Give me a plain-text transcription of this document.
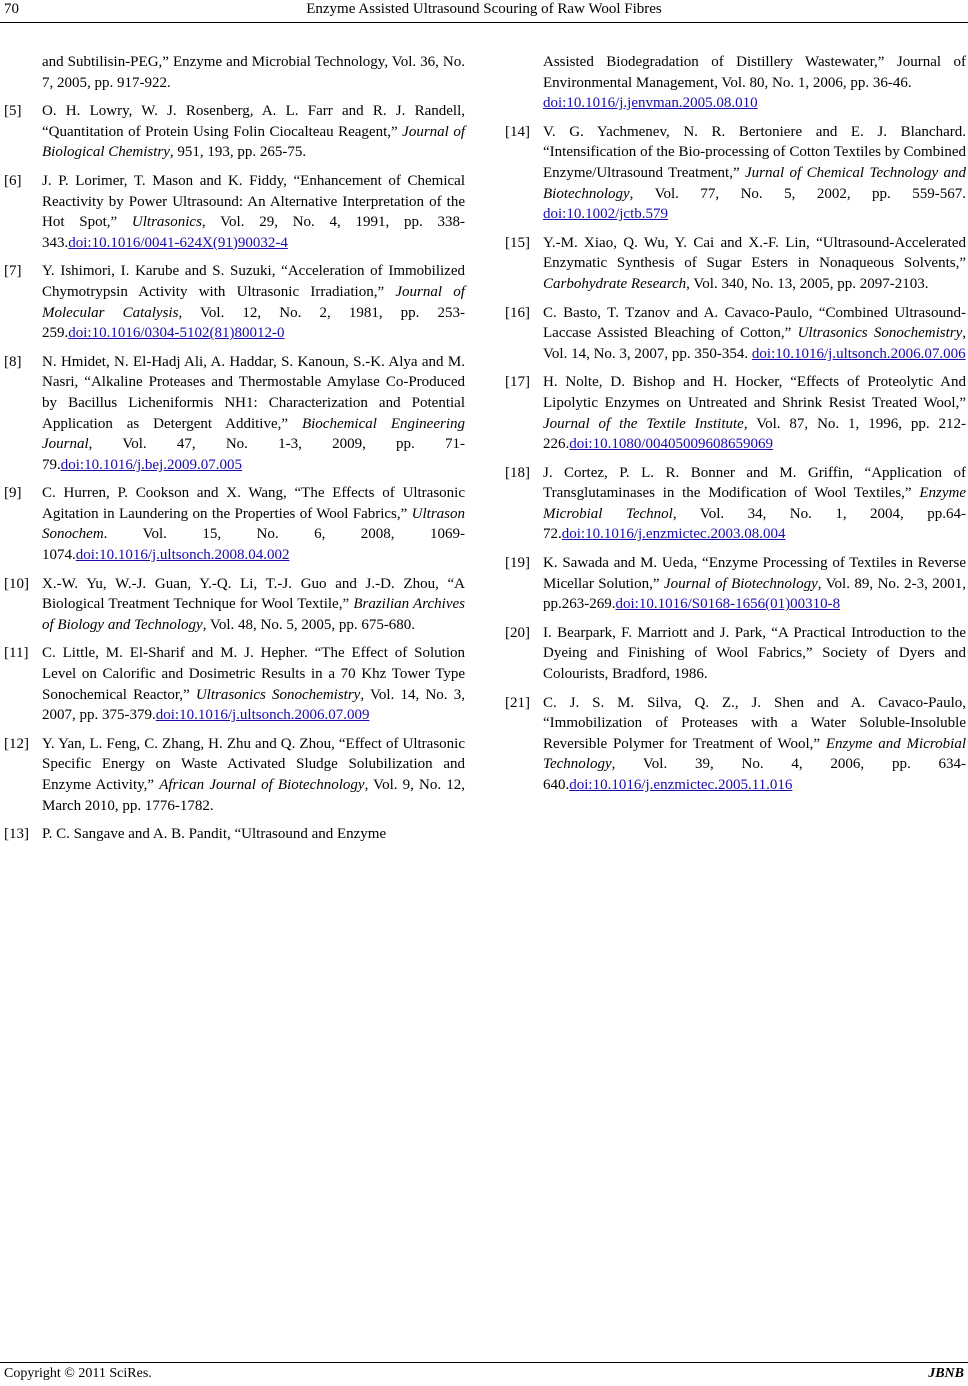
70	Enzyme Assisted Ultrasound Scouring of Raw Wool Fibres
and Subtilisin-PEG,” Enzyme and Microbial Technology, Vol. 36, No. 7, 2005, pp. 917-922.
[5] O. H. Lowry, W. J. Rosenberg, A. L. Farr and R. J. Randell, “Quantitation of Protein Using Folin Ciocalteau Reagent,” Journal of Biological Chemistry, 951, 193, pp. 265-75.
[6] J. P. Lorimer, T. Mason and K. Fiddy, “Enhancement of Chemical Reactivity by Power Ultrasound: An Alternative Interpretation of the Hot Spot,” Ultrasonics, Vol. 29, No. 4, 1991, pp. 338-343.doi:10.1016/0041-624X(91)90032-4
[7] Y. Ishimori, I. Karube and S. Suzuki, “Acceleration of Immobilized Chymotrypsin Activity with Ultrasonic Irradiation,” Journal of Molecular Catalysis, Vol. 12, No. 2, 1981, pp. 253-259.doi:10.1016/0304-5102(81)80012-0
[8] N. Hmidet, N. El-Hadj Ali, A. Haddar, S. Kanoun, S.-K. Alya and M. Nasri, “Alkaline Proteases and Thermostable Amylase Co-Produced by Bacillus Licheniformis NH1: Characterization and Potential Application as Detergent Additive,” Biochemical Engineering Journal, Vol. 47, No. 1-3, 2009, pp. 71-79.doi:10.1016/j.bej.2009.07.005
[9] C. Hurren, P. Cookson and X. Wang, “The Effects of Ultrasonic Agitation in Laundering on the Properties of Wool Fabrics,” Ultrason Sonochem. Vol. 15, No. 6, 2008, 1069-1074.doi:10.1016/j.ultsonch.2008.04.002
[10] X.-W. Yu, W.-J. Guan, Y.-Q. Li, T.-J. Guo and J.-D. Zhou, “A Biological Treatment Technique for Wool Textile,” Brazilian Archives of Biology and Technology, Vol. 48, No. 5, 2005, pp. 675-680.
[11] C. Little, M. El-Sharif and M. J. Hepher. “The Effect of Solution Level on Calorific and Dosimetric Results in a 70 Khz Tower Type Sonochemical Reactor,” Ultrasonics Sonochemistry, Vol. 14, No. 3, 2007, pp. 375-379.doi:10.1016/j.ultsonch.2006.07.009
[12] Y. Yan, L. Feng, C. Zhang, H. Zhu and Q. Zhou, “Effect of Ultrasonic Specific Energy on Waste Activated Sludge Solubilization and Enzyme Activity,” African Journal of Biotechnology, Vol. 9, No. 12, March 2010, pp. 1776-1782.
[13] P. C. Sangave and A. B. Pandit, “Ultrasound and Enzyme
Assisted Biodegradation of Distillery Wastewater,” Journal of Environmental Management, Vol. 80, No. 1, 2006, pp. 36-46.
doi:10.1016/j.jenvman.2005.08.010
[14] V. G. Yachmenev, N. R. Bertoniere and E. J. Blanchard. “Intensification of the Bio-processing of Cotton Textiles by Combined Enzyme/Ultrasound Treatment,” Jurnal of Chemical Technology and Biotechnology, Vol. 77, No. 5, 2002, pp. 559-567. doi:10.1002/jctb.579
[15] Y.-M. Xiao, Q. Wu, Y. Cai and X.-F. Lin, “Ultrasound-Accelerated Enzymatic Synthesis of Sugar Esters in Nonaqueous Solvents,” Carbohydrate Research, Vol. 340, No. 13, 2005, pp. 2097-2103.
[16] C. Basto, T. Tzanov and A. Cavaco-Paulo, “Combined Ultrasound-Laccase Assisted Bleaching of Cotton,” Ultrasonics Sonochemistry, Vol. 14, No. 3, 2007, pp. 350-354. doi:10.1016/j.ultsonch.2006.07.006
[17] H. Nolte, D. Bishop and H. Hocker, “Effects of Proteolytic And Lipolytic Enzymes on Untreated and Shrink Resist Treated Wool,” Journal of the Textile Institute, Vol. 87, No. 1, 1996, pp. 212-226.doi:10.1080/00405009608659069
[18] J. Cortez, P. L. R. Bonner and M. Griffin, “Application of Transglutaminases in the Modification of Wool Textiles,” Enzyme Microbial Technol, Vol. 34, No. 1, 2004, pp.64-72.doi:10.1016/j.enzmictec.2003.08.004
[19] K. Sawada and M. Ueda, “Enzyme Processing of Textiles in Reverse Micellar Solution,” Journal of Biotechnology, Vol. 89, No. 2-3, 2001, pp.263-269.doi:10.1016/S0168-1656(01)00310-8
[20] I. Bearpark, F. Marriott and J. Park, “A Practical Introduction to the Dyeing and Finishing of Wool Fabrics,” Society of Dyers and Colourists, Bradford, 1986.
[21] C. J. S. M. Silva, Q. Z., J. Shen and A. Cavaco-Paulo, “Immobilization of Proteases with a Water Soluble-Insoluble Reversible Polymer for Treatment of Wool,” Enzyme and Microbial Technology, Vol. 39, No. 4, 2006, pp. 634-640.doi:10.1016/j.enzmictec.2005.11.016
Copyright © 2011 SciRes.	JBNB
